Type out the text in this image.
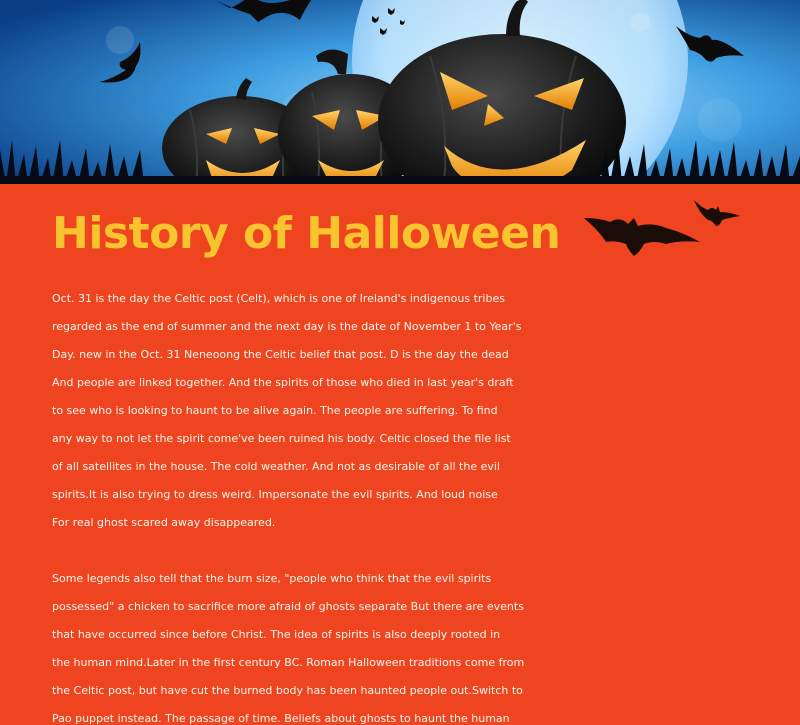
History of Halloween

Oct. 31 is the day the Celtic post (Celt), which is one of Ireland's indigenous tribes
regarded as the end of summer and the next day is the date of November 1 to Year's
Day. new in the Oct. 31 Neneoong the Celtic belief that post. D is the day the dead
And people are linked together. And the spirits of those who died in last year's draft
to see who is looking to haunt to be alive again. The people are suffering. To find
any way to not let the spirit come've been ruined his body. Celtic closed the file list
of all satellites in the house. The cold weather. And not as desirable of all the evil
spirits.It is also trying to dress weird. Impersonate the evil spirits. And loud noise
For real ghost scared away disappeared.

Some legends also tell that the burn size, "people who think that the evil spirits
possessed" a chicken to sacrifice more afraid of ghosts separate But there are events
that have occurred since before Christ. The idea of spirits is also deeply rooted in
the human mind.Later in the first century BC. Roman Halloween traditions come from
the Celtic post, but have cut the burned body has been haunted people out.Switch to
Pao puppet instead. The passage of time. Beliefs about ghosts to haunt the human
